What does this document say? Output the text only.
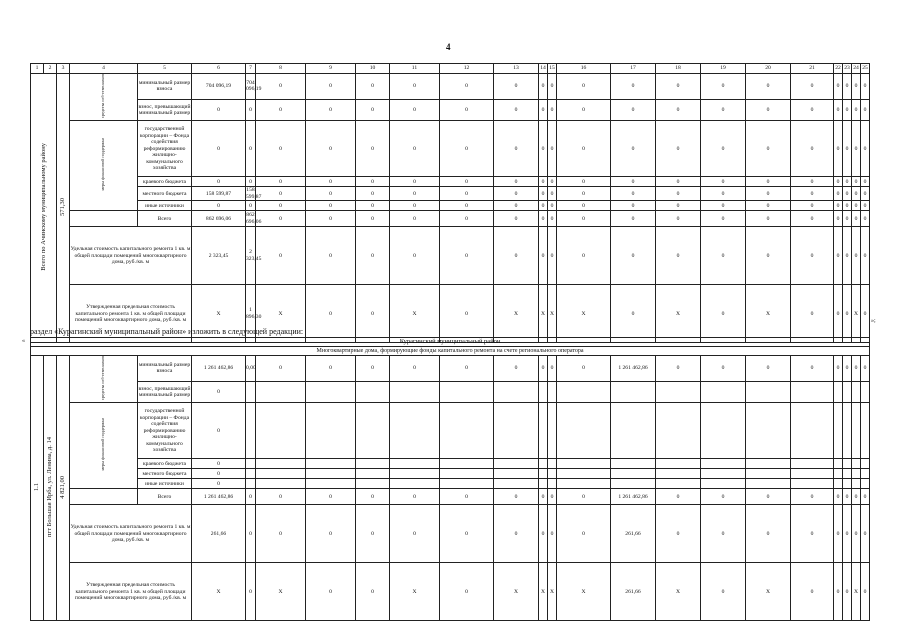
4
1	2	3	4	5	6	7	8	9	10	11	12	13	14	15	16	17	18	19	20	21	22	23	24	25	
Всего по Ачинскому муниципальному району		571,30	средства соб-ственников	минимальный размер взноса	704 096,19	704 096,19	0	0	0	0	0	0	0	0	0	0	0	0	0	0	0	0	0	0	
				взнос, превышающий минимальный размер	0	0	0	0	0	0	0	0	0	0	0	0	0	0	0	0	0	0	0	0	
			меры финансовой поддержки	государственной корпорации – Фонда содействия реформированию жилищно-коммунального хозяйства	0	0	0	0	0	0	0	0	0	0	0	0	0	0	0	0	0	0	0	0	
				краевого бюджета	0	0	0	0	0	0	0	0	0	0	0	0	0	0	0	0	0	0	0	0	
				местного бюджета	158 599,87	158 599,87	0	0	0	0	0	0	0	0	0	0	0	0	0	0	0	0	0	0	
				иные источники	0	0	0	0	0	0	0	0	0	0	0	0	0	0	0	0	0	0	0	0	
				Всего	862 696,06	862 696,06	0	0	0	0	0	0	0	0	0	0	0	0	0	0	0	0	0	0	
			Удельная стоимость капитального ремонта 1 кв. м общей площади помещений многоквартирного дома, руб./кв. м		2 323,45	2 323,45	0	0	0	0	0	0	0	0	0	0	0	0	0	0	0	0	0	0	
			Утвержденная предельная стоимость капитального ремонта 1 кв. м общей площади помещений многоквартирного дома, руб./кв. м		X	1 896,30	X	0	0	X	0	X	X	X	X	0	X	0	X	0	0	0	X	0	
раздел «Курагинский муниципальный район» изложить в следующей редакции:
«
»;
Курагинский муниципальный район																									
Многоквартирные дома, формирующие фонды капитального ремонта на счете регионального оператора																									
1.1	пгт Большая Ирба, ул. Ленина, д. 14	4 821,00	средства соб-ственников	минимальный размер взноса	1 261 462,86	0,00	0	0	0	0	0	0	0	0	0	1 261 462,86	0	0	0	0	0	0	0	0	
				взнос, превышающий минимальный размер	0																				
			меры финансовой поддержки	государственной корпорации – Фонда содействия реформированию жилищно-коммунального хозяйства	0																				
				краевого бюджета	0																				
				местного бюджета	0																				
				иные источники	0																				
				Всего	1 261 462,86	0	0	0	0	0	0	0	0	0	0	1 261 462,86	0	0	0	0	0	0	0	0	
			Удельная стоимость капитального ремонта 1 кв. м общей площади помещений многоквартирного дома, руб./кв. м		261,66	0	0	0	0	0	0	0	0	0	0	261,66	0	0	0	0	0	0	0	0	
			Утвержденная предельная стоимость капитального ремонта 1 кв. м общей площади помещений многоквартирного дома, руб./кв. м		X	0	X	0	0	X	0	X	X	X	X	261,66	X	0	X	0	0	0	X	0	
